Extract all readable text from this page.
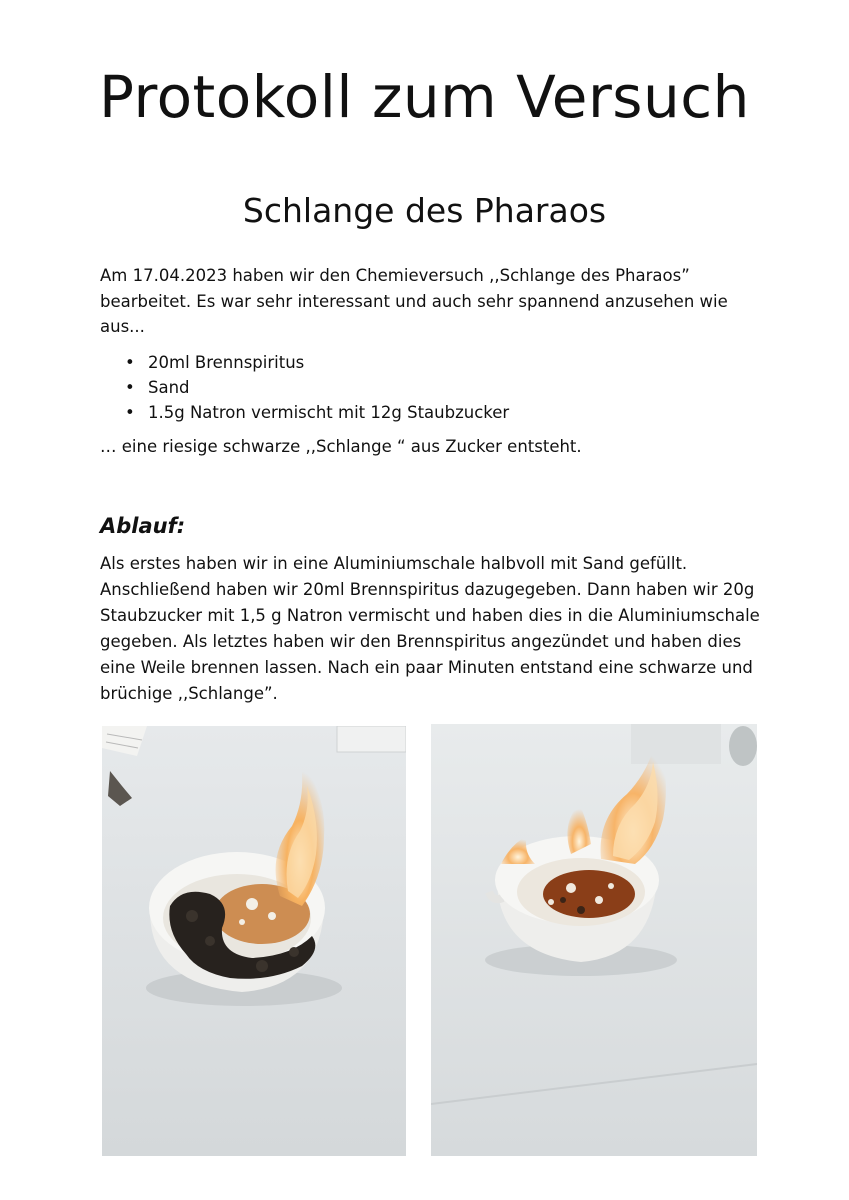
Protokoll zum Versuch
Schlange des Pharaos

Am 17.04.2023 haben wir den Chemieversuch ,,Schlange des Pharaos” bearbeitet. Es war sehr interessant und auch sehr spannend anzusehen wie aus...

• 20ml Brennspiritus
• Sand
• 1.5g Natron vermischt mit 12g Staubzucker

… eine riesige schwarze ,,Schlange “ aus Zucker entsteht.

Ablauf:

Als erstes haben wir in eine Aluminiumschale halbvoll mit Sand gefüllt. Anschließend haben wir 20ml Brennspiritus dazugegeben. Dann haben wir 20g Staubzucker mit 1,5 g Natron vermischt und haben dies in die Aluminiumschale gegeben. Als letztes haben wir den Brennspiritus angezündet und haben dies eine Weile brennen lassen. Nach ein paar Minuten entstand eine schwarze und brüchige ,,Schlange”.
